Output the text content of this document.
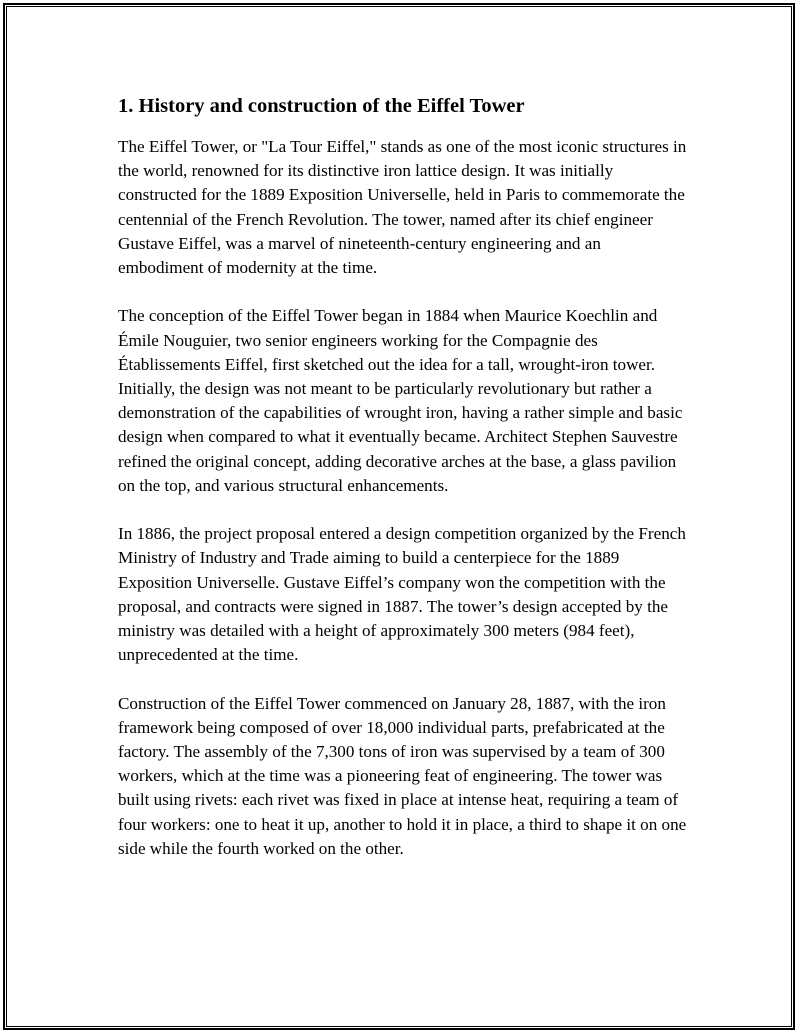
1. History and construction of the Eiffel Tower

The Eiffel Tower, or "La Tour Eiffel," stands as one of the most iconic structures in the world, renowned for its distinctive iron lattice design. It was initially constructed for the 1889 Exposition Universelle, held in Paris to commemorate the centennial of the French Revolution. The tower, named after its chief engineer Gustave Eiffel, was a marvel of nineteenth-century engineering and an embodiment of modernity at the time.

The conception of the Eiffel Tower began in 1884 when Maurice Koechlin and Émile Nouguier, two senior engineers working for the Compagnie des Établissements Eiffel, first sketched out the idea for a tall, wrought-iron tower. Initially, the design was not meant to be particularly revolutionary but rather a demonstration of the capabilities of wrought iron, having a rather simple and basic design when compared to what it eventually became. Architect Stephen Sauvestre refined the original concept, adding decorative arches at the base, a glass pavilion on the top, and various structural enhancements.

In 1886, the project proposal entered a design competition organized by the French Ministry of Industry and Trade aiming to build a centerpiece for the 1889 Exposition Universelle. Gustave Eiffel’s company won the competition with the proposal, and contracts were signed in 1887. The tower’s design accepted by the ministry was detailed with a height of approximately 300 meters (984 feet), unprecedented at the time.

Construction of the Eiffel Tower commenced on January 28, 1887, with the iron framework being composed of over 18,000 individual parts, prefabricated at the factory. The assembly of the 7,300 tons of iron was supervised by a team of 300 workers, which at the time was a pioneering feat of engineering. The tower was built using rivets: each rivet was fixed in place at intense heat, requiring a team of four workers: one to heat it up, another to hold it in place, a third to shape it on one side while the fourth worked on the other.
